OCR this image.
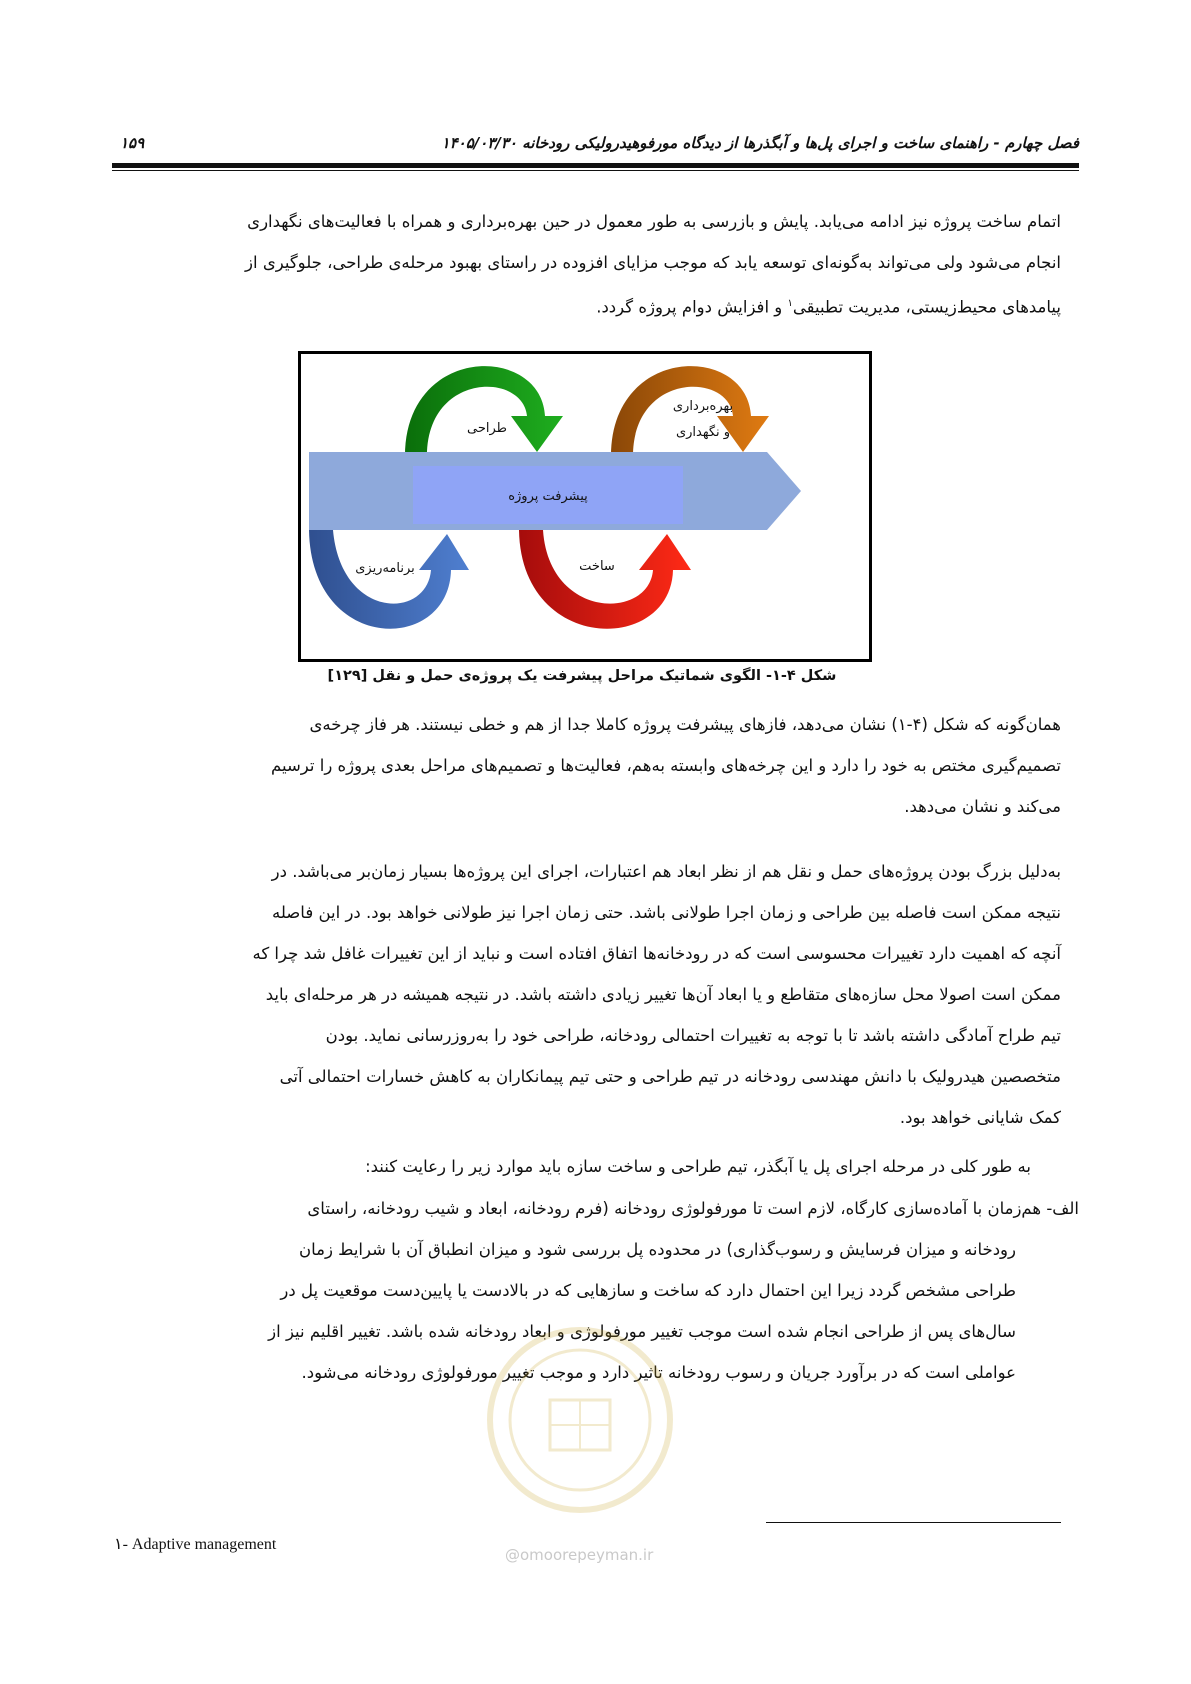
فصل چهارم - راهنمای ساخت و اجرای پل‌ها و آبگذرها از دیدگاه مورفوهیدرولیکی رودخانه ۱۴۰۵/۰۳/۳۰
۱۵۹
اتمام ساخت پروژه نیز ادامه می‌یابد. پایش و بازرسی به طور معمول در حین بهره‌برداری و همراه با فعالیت‌های نگهداری
انجام می‌شود ولی می‌تواند به‌گونه‌ای توسعه یابد که موجب مزایای افزوده در راستای بهبود مرحله‌ی طراحی، جلوگیری از
پیامدهای محیط‌زیستی، مدیریت تطبیقی$^۱$ و افزایش دوام پروژه گردد.
پیشرفت پروژه
طراحی
بهره‌برداری
و نگهداری
برنامه‌ریزی	ساخت
شکل ۴-۱- الگوی شماتیک مراحل پیشرفت یک پروژه‌ی حمل و نقل [۱۲۹]
همان‌گونه که شکل (۴-۱) نشان می‌دهد، فازهای پیشرفت پروژه کاملا جدا از هم و خطی نیستند. هر فاز چرخه‌ی
تصمیم‌گیری مختص به خود را دارد و این چرخه‌های وابسته به‌هم، فعالیت‌ها و تصمیم‌های مراحل بعدی پروژه را ترسیم
می‌کند و نشان می‌دهد.
به‌دلیل بزرگ بودن پروژه‌های حمل و نقل هم از نظر ابعاد هم اعتبارات، اجرای این پروژه‌ها بسیار زمان‌بر می‌باشد. در
نتیجه ممکن است فاصله بین طراحی و زمان اجرا طولانی باشد. حتی زمان اجرا نیز طولانی خواهد بود. در این فاصله
آنچه که اهمیت دارد تغییرات محسوسی است که در رودخانه‌ها اتفاق افتاده است و نباید از این تغییرات غافل شد چرا که
ممکن است اصولا محل سازه‌های متقاطع و یا ابعاد آن‌ها تغییر زیادی داشته باشد. در نتیجه همیشه در هر مرحله‌ای باید
تیم طراح آمادگی داشته باشد تا با توجه به تغییرات احتمالی رودخانه، طراحی خود را به‌روزرسانی نماید. بودن
متخصصین هیدرولیک با دانش مهندسی رودخانه در تیم طراحی و حتی تیم پیمانکاران به کاهش خسارات احتمالی آتی
کمک شایانی خواهد بود.
به طور کلی در مرحله اجرای پل یا آبگذر، تیم طراحی و ساخت سازه باید موارد زیر را رعایت کنند:
الف- هم‌زمان با آماده‌سازی کارگاه، لازم است تا مورفولوژی رودخانه (فرم رودخانه، ابعاد و شیب رودخانه، راستای
رودخانه و میزان فرسایش و رسوب‌گذاری) در محدوده پل بررسی شود و میزان انطباق آن با شرایط زمان
طراحی مشخص گردد زیرا این احتمال دارد که ساخت و سازهایی که در بالادست یا پایین‌دست موقعیت پل در
سال‌های پس از طراحی انجام شده است موجب تغییر مورفولوژی و ابعاد رودخانه شده باشد. تغییر اقلیم نیز از
عواملی است که در برآورد جریان و رسوب رودخانه تاثیر دارد و موجب تغییر مورفولوژی رودخانه می‌شود.
۱- Adaptive management
@omoorepeyman.ir
